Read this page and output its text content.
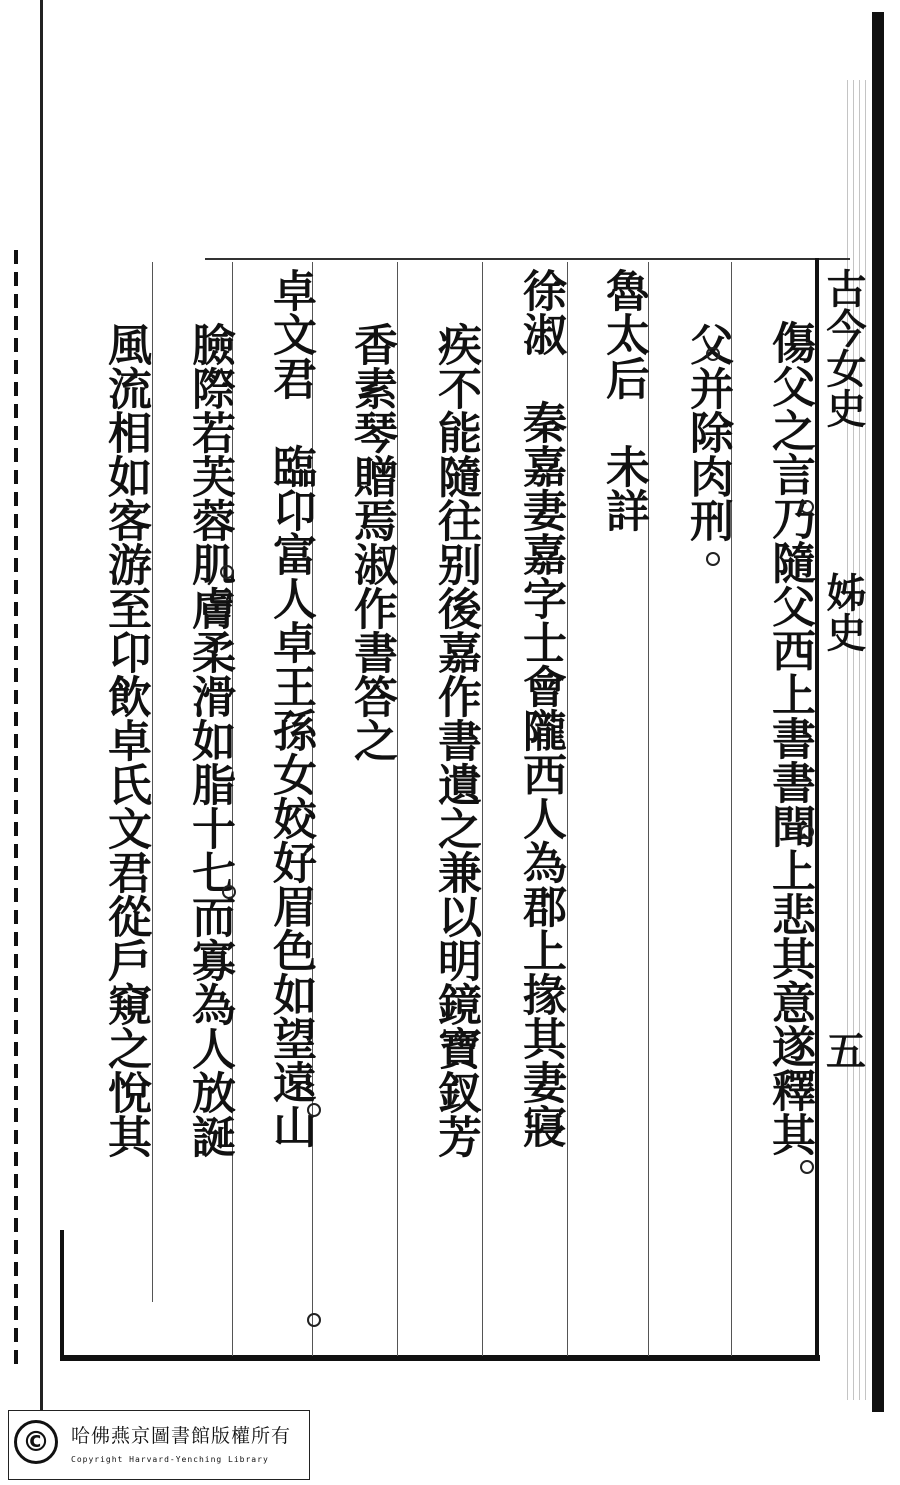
古今女史
姊史
五
傷父之言乃隨父西上書書聞上悲其意遂釋其
父并除肉刑
魯太后　未詳
徐淑　秦嘉妻嘉字士會隴西人為郡上掾其妻寢
疾不能隨往别後嘉作書遺之兼以明鏡寶釵芳
香素琴贈焉淑作書答之
卓文君　臨卬富人卓王孫女姣好眉色如望遠山
臉際若芙蓉肌膚柔滑如脂十七而寡為人放誕
風流相如客游至卬飲卓氏文君從戶窺之悅其
©	哈佛燕京圖書館版權所有
Copyright Harvard-Yenching Library
